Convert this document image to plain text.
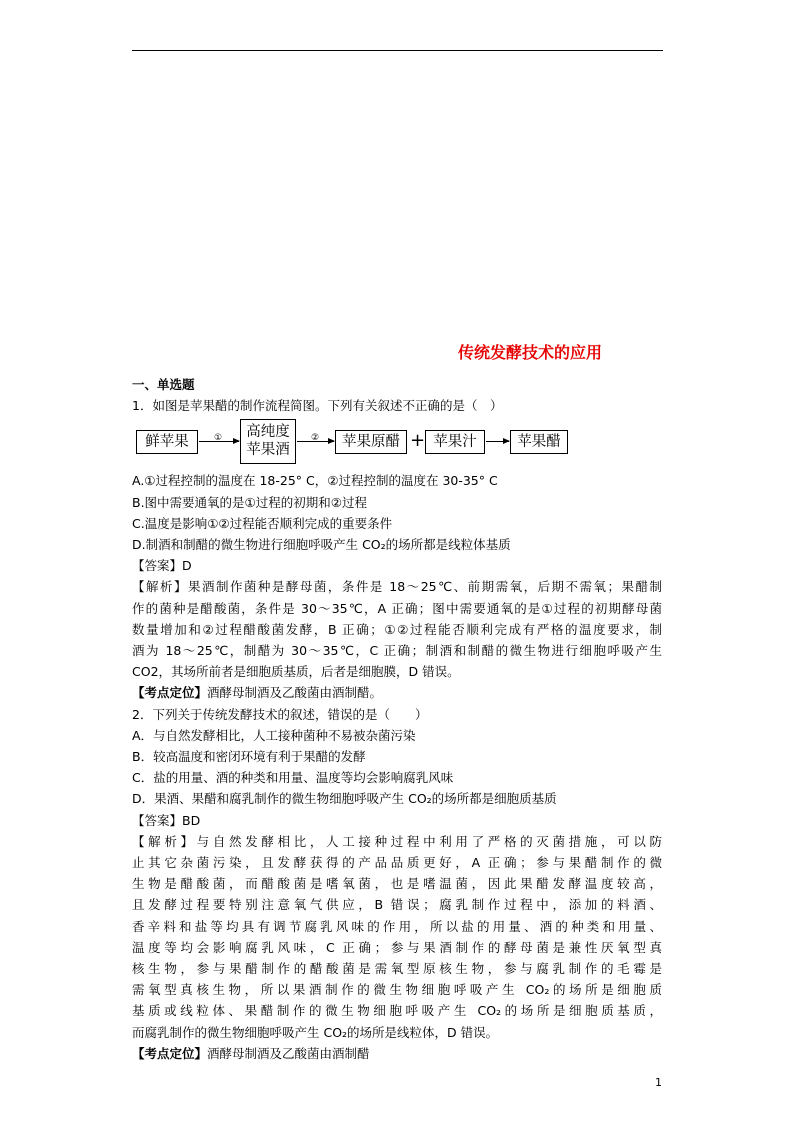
传统发酵技术的应用

一、单选题

1．如图是苹果醋的制作流程简图。下列有关叙述不正确的是（　）

鲜苹果	①	高纯度
苹果酒
②	苹果原醋 + 苹果汁	苹果醋

A.①过程控制的温度在 18-25° C，②过程控制的温度在 30-35° C

B.图中需要通氧的是①过程的初期和②过程

C.温度是影响①②过程能否顺利完成的重要条件

D.制酒和制醋的微生物进行细胞呼吸产生 CO₂的场所都是线粒体基质

【答案】D

【解析】果酒制作菌种是酵母菌，条件是 18～25℃、前期需氧，后期不需氧；果醋制

作的菌种是醋酸菌，条件是 30～35℃，A 正确；图中需要通氧的是①过程的初期酵母菌

数量增加和②过程醋酸菌发酵，B 正确；①②过程能否顺利完成有严格的温度要求，制

酒为 18～25℃，制醋为 30～35℃，C 正确；制酒和制醋的微生物进行细胞呼吸产生

CO2，其场所前者是细胞质基质，后者是细胞膜，D 错误。

【考点定位】酒酵母制酒及乙酸菌由酒制醋。

2．下列关于传统发酵技术的叙述，错误的是（　　）

A．与自然发酵相比，人工接种菌种不易被杂菌污染

B．较高温度和密闭环境有利于果醋的发酵

C．盐的用量、酒的种类和用量、温度等均会影响腐乳风味

D．果酒、果醋和腐乳制作的微生物细胞呼吸产生 CO₂的场所都是细胞质基质

【答案】BD

【解析】与自然发酵相比，人工接种过程中利用了严格的灭菌措施，可以防

止其它杂菌污染，且发酵获得的产品品质更好，A 正确；参与果醋制作的微

生物是醋酸菌，而醋酸菌是嗜氧菌，也是嗜温菌，因此果醋发酵温度较高，

且发酵过程要特别注意氧气供应，B 错误；腐乳制作过程中，添加的料酒、

香辛料和盐等均具有调节腐乳风味的作用，所以盐的用量、酒的种类和用量、

温度等均会影响腐乳风味，C 正确；参与果酒制作的酵母菌是兼性厌氧型真

核生物，参与果醋制作的醋酸菌是需氧型原核生物，参与腐乳制作的毛霉是

需氧型真核生物，所以果酒制作的微生物细胞呼吸产生 CO₂的场所是细胞质

基质或线粒体、果醋制作的微生物细胞呼吸产生 CO₂的场所是细胞质基质，

而腐乳制作的微生物细胞呼吸产生 CO₂的场所是线粒体，D 错误。

【考点定位】酒酵母制酒及乙酸菌由酒制醋

1
